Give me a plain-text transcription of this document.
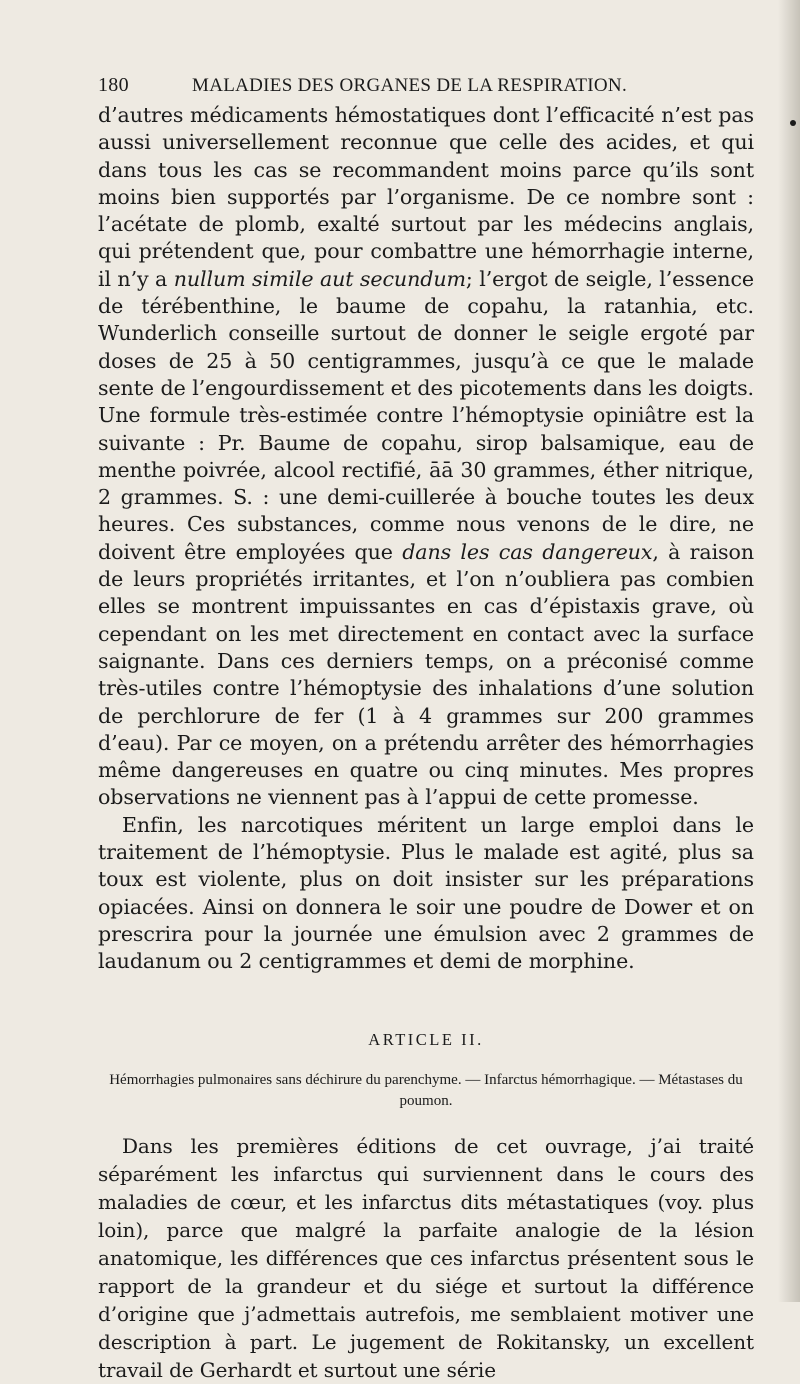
180	MALADIES DES ORGANES DE LA RESPIRATION.

d’autres médicaments hémostatiques dont l’efficacité n’est pas aussi universellement reconnue que celle des acides, et qui dans tous les cas se recommandent moins parce qu’ils sont moins bien supportés par l’organisme. De ce nombre sont : l’acétate de plomb, exalté surtout par les médecins anglais, qui prétendent que, pour combattre une hémorrhagie interne, il n’y a nullum simile aut secundum; l’ergot de seigle, l’essence de térébenthine, le baume de copahu, la ratanhia, etc. Wunderlich conseille surtout de donner le seigle ergoté par doses de 25 à 50 centigrammes, jusqu’à ce que le malade sente de l’engourdissement et des picotements dans les doigts. Une formule très-estimée contre l’hémoptysie opiniâtre est la suivante : Pr. Baume de copahu, sirop balsamique, eau de menthe poivrée, alcool rectifié, āā 30 grammes, éther nitrique, 2 grammes. S. : une demi-cuillerée à bouche toutes les deux heures. Ces substances, comme nous venons de le dire, ne doivent être employées que dans les cas dangereux, à raison de leurs propriétés irritantes, et l’on n’oubliera pas combien elles se montrent impuissantes en cas d’épistaxis grave, où cependant on les met directement en contact avec la surface saignante. Dans ces derniers temps, on a préconisé comme très-utiles contre l’hémoptysie des inhalations d’une solution de perchlorure de fer (1 à 4 grammes sur 200 grammes d’eau). Par ce moyen, on a prétendu arrêter des hémorrhagies même dangereuses en quatre ou cinq minutes. Mes propres observations ne viennent pas à l’appui de cette promesse.

Enfin, les narcotiques méritent un large emploi dans le traitement de l’hémoptysie. Plus le malade est agité, plus sa toux est violente, plus on doit insister sur les préparations opiacées. Ainsi on donnera le soir une poudre de Dower et on prescrira pour la journée une émulsion avec 2 grammes de laudanum ou 2 centigrammes et demi de morphine.

ARTICLE II.
Hémorrhagies pulmonaires sans déchirure du parenchyme. — Infarctus hémorrhagique. — Métastases du poumon.

Dans les premières éditions de cet ouvrage, j’ai traité séparément les infarctus qui surviennent dans le cours des maladies de cœur, et les infarctus dits métastatiques (voy. plus loin), parce que malgré la parfaite analogie de la lésion anatomique, les différences que ces infarctus présentent sous le rapport de la grandeur et du siége et surtout la différence d’origine que j’admettais autrefois, me semblaient motiver une description à part. Le jugement de Rokitansky, un excellent travail de Gerhardt et surtout une série
